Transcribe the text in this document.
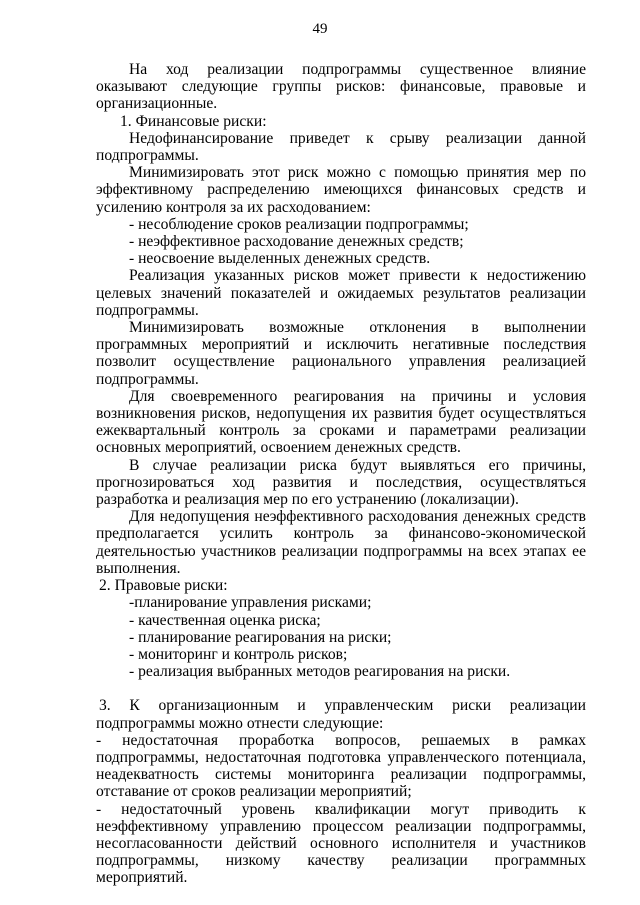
49

На ход реализации подпрограммы существенное влияние оказывают следующие группы рисков: финансовые, правовые и организационные.

1. Финансовые риски:

Недофинансирование приведет к срыву реализации данной подпрограммы.

Минимизировать этот риск можно с помощью принятия мер по эффективному распределению имеющихся финансовых средств и усилению контроля за их расходованием:

- несоблюдение сроков реализации подпрограммы;

- неэффективное расходование денежных средств;

- неосвоение выделенных денежных средств.

Реализация указанных рисков может привести к недостижению целевых значений показателей и ожидаемых результатов реализации подпрограммы.

Минимизировать возможные отклонения в выполнении программных мероприятий и исключить негативные последствия позволит осуществление рационального управления реализацией подпрограммы.

Для своевременного реагирования на причины и условия возникновения рисков, недопущения их развития будет осуществляться ежеквартальный контроль за сроками и параметрами реализации основных мероприятий, освоением денежных средств.

В случае реализации риска будут выявляться его причины, прогнозироваться ход развития и последствия, осуществляться разработка и реализация мер по его устранению (локализации).

Для недопущения неэффективного расходования денежных средств предполагается усилить контроль за финансово-экономической деятельностью участников реализации подпрограммы на всех этапах ее выполнения.

2. Правовые риски:

-планирование управления рисками;

- качественная оценка риска;

- планирование реагирования на риски;

- мониторинг и контроль рисков;

- реализация выбранных методов реагирования на риски.

3. К организационным и управленческим риски реализации подпрограммы можно отнести следующие:

- недостаточная проработка вопросов, решаемых в рамках подпрограммы, недостаточная подготовка управленческого потенциала, неадекватность системы мониторинга реализации подпрограммы, отставание от сроков реализации мероприятий;

- недостаточный уровень квалификации могут приводить к неэффективному управлению процессом реализации подпрограммы, несогласованности действий основного исполнителя и участников подпрограммы, низкому качеству реализации программных мероприятий.
